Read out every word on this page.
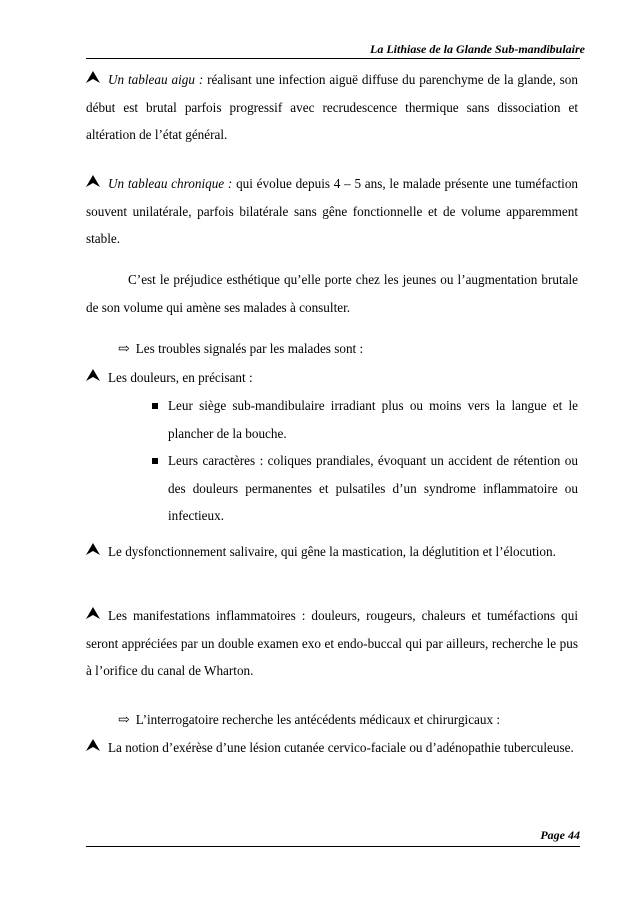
La Lithiase de la Glande Sub-mandibulaire

Un tableau aigu : réalisant une infection aiguë diffuse du parenchyme de la glande, son début est brutal parfois progressif avec recrudescence thermique sans dissociation et altération de l’état général.

Un tableau chronique : qui évolue depuis 4 – 5 ans, le malade présente une tuméfaction souvent unilatérale, parfois bilatérale sans gêne fonctionnelle et de volume apparemment stable.

C’est le préjudice esthétique qu’elle porte chez les jeunes ou l’augmentation brutale de son volume qui amène ses malades à consulter.

⇨ Les troubles signalés par les malades sont :

Les douleurs, en précisant :

Leur siège sub-mandibulaire irradiant plus ou moins vers la langue et le plancher de la bouche.
Leurs caractères : coliques prandiales, évoquant un accident de rétention ou des douleurs permanentes et pulsatiles d’un syndrome inflammatoire ou infectieux.

Le dysfonctionnement salivaire, qui gêne la mastication, la déglutition et l’élocution.

Les manifestations inflammatoires : douleurs, rougeurs, chaleurs et tuméfactions qui seront appréciées par un double examen exo et endo-buccal qui par ailleurs, recherche le pus à l’orifice du canal de Wharton.

⇨ L’interrogatoire recherche les antécédents médicaux et chirurgicaux :

La notion d’exérèse d’une lésion cutanée cervico-faciale ou d’adénopathie tuberculeuse.

Page 44
